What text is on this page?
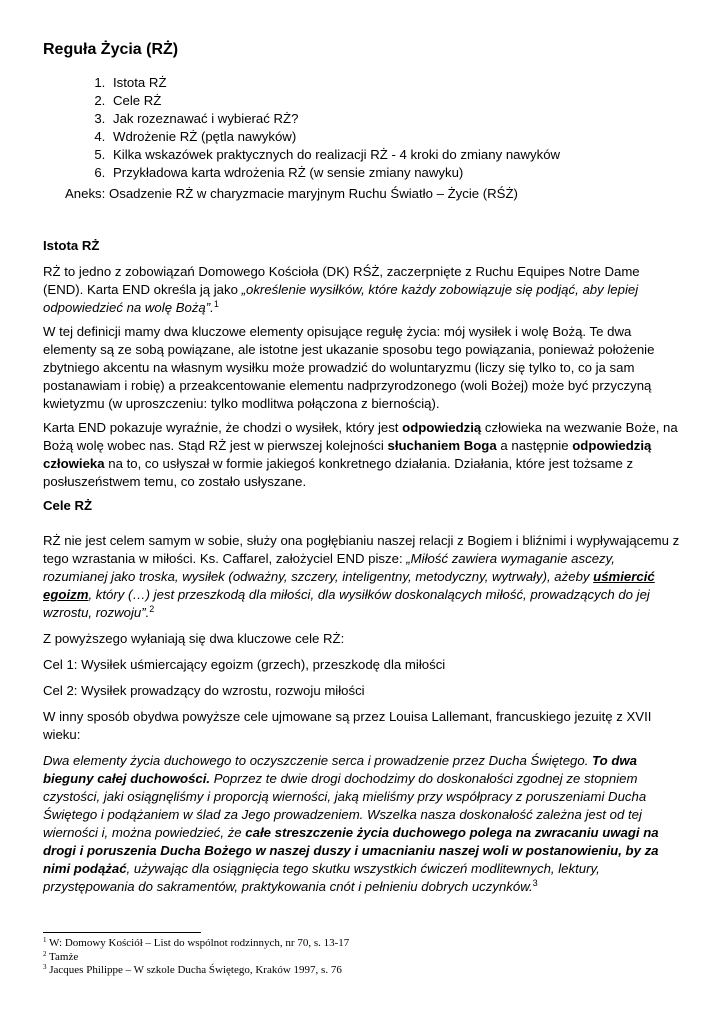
Reguła Życia (RŻ)
1. Istota RŻ
2. Cele RŻ
3. Jak rozeznawać i wybierać RŻ?
4. Wdrożenie RŻ (pętla nawyków)
5. Kilka wskazówek praktycznych do realizacji RŻ - 4 kroki do zmiany nawyków
6. Przykładowa karta wdrożenia RŻ (w sensie zmiany nawyku)
Aneks: Osadzenie RŻ w charyzmacie maryjnym Ruchu Światło – Życie (RŚŻ)
Istota RŻ

RŻ to jedno z zobowiązań Domowego Kościoła (DK) RŚŻ, zaczerpnięte z Ruchu Equipes Notre Dame (END). Karta END określa ją jako „określenie wysiłków, które każdy zobowiązuje się podjąć, aby lepiej odpowiedzieć na wolę Bożą”.$^1$

W tej definicji mamy dwa kluczowe elementy opisujące regułę życia: mój wysiłek i wolę Bożą. Te dwa elementy są ze sobą powiązane, ale istotne jest ukazanie sposobu tego powiązania, ponieważ położenie zbytniego akcentu na własnym wysiłku może prowadzić do woluntaryzmu (liczy się tylko to, co ja sam postanawiam i robię) a przeakcentowanie elementu nadprzyrodzonego (woli Bożej) może być przyczyną kwietyzmu (w uproszczeniu: tylko modlitwa połączona z biernością).

Karta END pokazuje wyraźnie, że chodzi o wysiłek, który jest odpowiedzią człowieka na wezwanie Boże, na Bożą wolę wobec nas. Stąd RŻ jest w pierwszej kolejności słuchaniem Boga a następnie odpowiedzią człowieka na to, co usłyszał w formie jakiegoś konkretnego działania. Działania, które jest tożsame z posłuszeństwem temu, co zostało usłyszane.

Cele RŻ

RŻ nie jest celem samym w sobie, służy ona pogłębianiu naszej relacji z Bogiem i bliźnimi i wypływającemu z tego wzrastania w miłości. Ks. Caffarel, założyciel END pisze: „Miłość zawiera wymaganie ascezy, rozumianej jako troska, wysiłek (odważny, szczery, inteligentny, metodyczny, wytrwały), ażeby uśmiercić egoizm, który (…) jest przeszkodą dla miłości, dla wysiłków doskonalących miłość, prowadzących do jej wzrostu, rozwoju”.$^2$

Z powyższego wyłaniają się dwa kluczowe cele RŻ:

Cel 1: Wysiłek uśmiercający egoizm (grzech), przeszkodę dla miłości

Cel 2: Wysiłek prowadzący do wzrostu, rozwoju miłości

W inny sposób obydwa powyższe cele ujmowane są przez Louisa Lallemant, francuskiego jezuitę z XVII wieku:

Dwa elementy życia duchowego to oczyszczenie serca i prowadzenie przez Ducha Świętego. To dwa bieguny całej duchowości. Poprzez te dwie drogi dochodzimy do doskonałości zgodnej ze stopniem czystości, jaki osiągnęliśmy i proporcją wierności, jaką mieliśmy przy współpracy z poruszeniami Ducha Świętego i podążaniem w ślad za Jego prowadzeniem. Wszelka nasza doskonałość zależna jest od tej wierności i, można powiedzieć, że całe streszczenie życia duchowego polega na zwracaniu uwagi na drogi i poruszenia Ducha Bożego w naszej duszy i umacnianiu naszej woli w postanowieniu, by za nimi podążać, używając dla osiągnięcia tego skutku wszystkich ćwiczeń modlitewnych, lektury, przystępowania do sakramentów, praktykowania cnót i pełnieniu dobrych uczynków.$^3$

$^1$ W: Domowy Kościół – List do wspólnot rodzinnych, nr 70, s. 13-17
$^2$ Tamże
$^3$ Jacques Philippe – W szkole Ducha Świętego, Kraków 1997, s. 76
